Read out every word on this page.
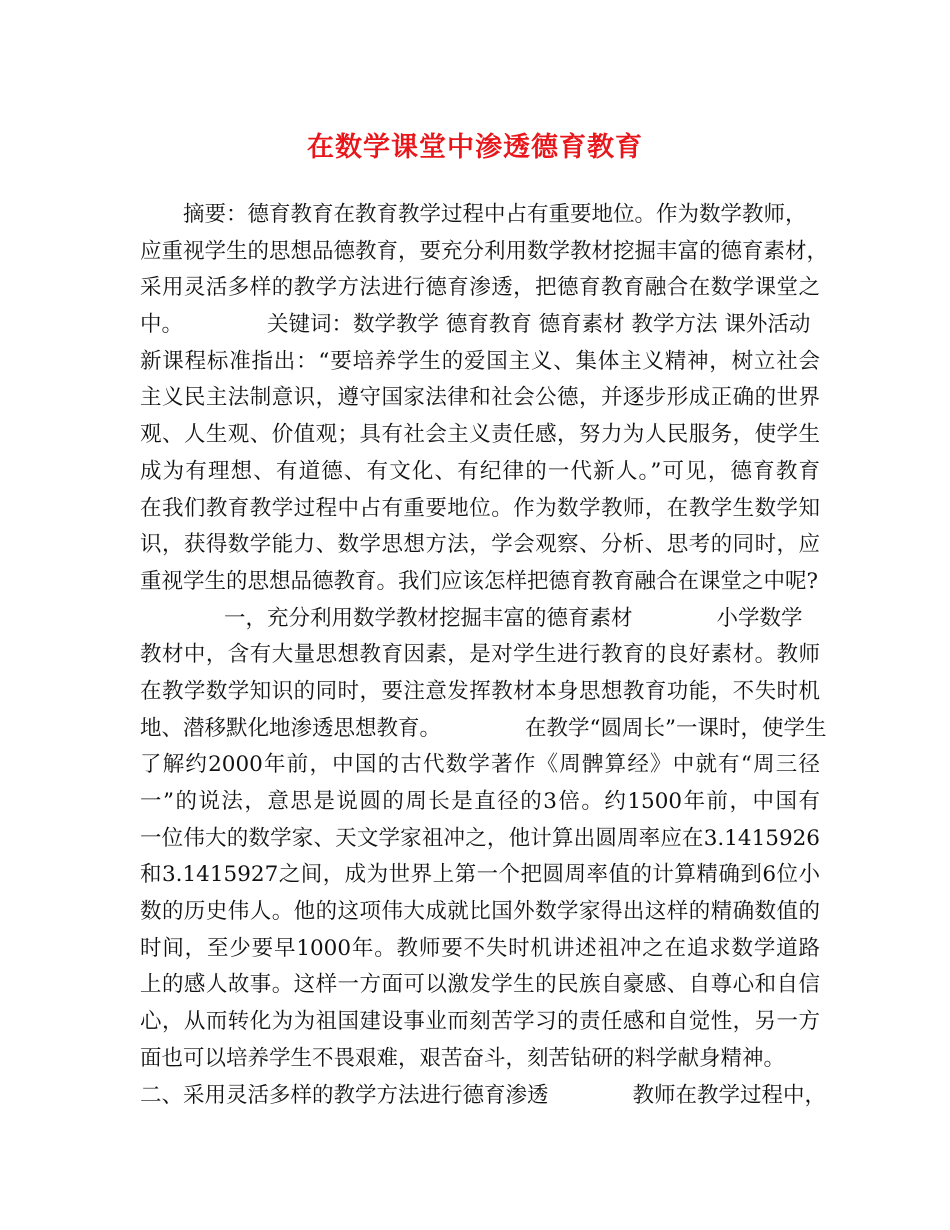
在数学课堂中渗透德育教育
摘要：德育教育在教育教学过程中占有重要地位。作为数学教师，
应重视学生的思想品德教育，要充分利用数学教材挖掘丰富的德育素材，
采用灵活多样的教学方法进行德育渗透，把德育教育融合在数学课堂之
中。	关键词：数学教学 德育教育 德育素材 教学方法 课外活动
新课程标准指出：“要培养学生的爱国主义、集体主义精神，树立社会
主义民主法制意识，遵守国家法律和社会公德，并逐步形成正确的世界
观、人生观、价值观；具有社会主义责任感，努力为人民服务，使学生
成为有理想、有道德、有文化、有纪律的一代新人。”可见，德育教育
在我们教育教学过程中占有重要地位。作为数学教师，在教学生数学知
识，获得数学能力、数学思想方法，学会观察、分析、思考的同时，应
重视学生的思想品德教育。我们应该怎样把德育教育融合在课堂之中呢?
一，充分利用数学教材挖掘丰富的德育素材	小学数学
教材中，含有大量思想教育因素，是对学生进行教育的良好素材。教师
在教学数学知识的同时，要注意发挥教材本身思想教育功能，不失时机
地、潜移默化地渗透思想教育。	在教学“圆周长”一课时，使学生
了解约2000年前，中国的古代数学著作《周髀算经》中就有“周三径
一”的说法，意思是说圆的周长是直径的3倍。约1500年前，中国有
一位伟大的数学家、天文学家祖冲之，他计算出圆周率应在3.1415926
和3.1415927之间，成为世界上第一个把圆周率值的计算精确到6位小
数的历史伟人。他的这项伟大成就比国外数学家得出这样的精确数值的
时间，至少要早1000年。教师要不失时机讲述祖冲之在追求数学道路
上的感人故事。这样一方面可以激发学生的民族自豪感、自尊心和自信
心，从而转化为为祖国建设事业而刻苦学习的责任感和自觉性，另一方
面也可以培养学生不畏艰难，艰苦奋斗，刻苦钻研的料学献身精神。
二、采用灵活多样的教学方法进行德育渗透	教师在教学过程中，
